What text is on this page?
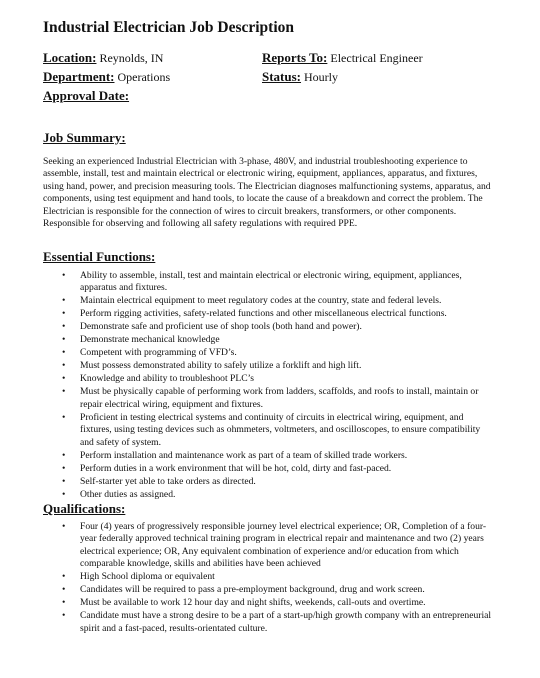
Industrial Electrician Job Description
Location: Reynolds, IN	Reports To: Electrical Engineer
Department: Operations	Status: Hourly
Approval Date:
Job Summary:
Seeking an experienced Industrial Electrician with 3-phase, 480V, and industrial troubleshooting experience to assemble, install, test and maintain electrical or electronic wiring, equipment, appliances, apparatus, and fixtures, using hand, power, and precision measuring tools. The Electrician diagnoses malfunctioning systems, apparatus, and components, using test equipment and hand tools, to locate the cause of a breakdown and correct the problem. The Electrician is responsible for the connection of wires to circuit breakers, transformers, or other components. Responsible for observing and following all safety regulations with required PPE.
Essential Functions:
• Ability to assemble, install, test and maintain electrical or electronic wiring, equipment, appliances, apparatus and fixtures.
• Maintain electrical equipment to meet regulatory codes at the country, state and federal levels.
• Perform rigging activities, safety-related functions and other miscellaneous electrical functions.
• Demonstrate safe and proficient use of shop tools (both hand and power).
• Demonstrate mechanical knowledge
• Competent with programming of VFD’s.
• Must possess demonstrated ability to safely utilize a forklift and high lift.
• Knowledge and ability to troubleshoot PLC’s
• Must be physically capable of performing work from ladders, scaffolds, and roofs to install, maintain or repair electrical wiring, equipment and fixtures.
• Proficient in testing electrical systems and continuity of circuits in electrical wiring, equipment, and fixtures, using testing devices such as ohmmeters, voltmeters, and oscilloscopes, to ensure compatibility and safety of system.
• Perform installation and maintenance work as part of a team of skilled trade workers.
• Perform duties in a work environment that will be hot, cold, dirty and fast-paced.
• Self-starter yet able to take orders as directed.
• Other duties as assigned.
Qualifications:
• Four (4) years of progressively responsible journey level electrical experience; OR, Completion of a four-year federally approved technical training program in electrical repair and maintenance and two (2) years electrical experience; OR, Any equivalent combination of experience and/or education from which comparable knowledge, skills and abilities have been achieved
• High School diploma or equivalent
• Candidates will be required to pass a pre-employment background, drug and work screen.
• Must be available to work 12 hour day and night shifts, weekends, call-outs and overtime.
• Candidate must have a strong desire to be a part of a start-up/high growth company with an entrepreneurial spirit and a fast-paced, results-orientated culture.
